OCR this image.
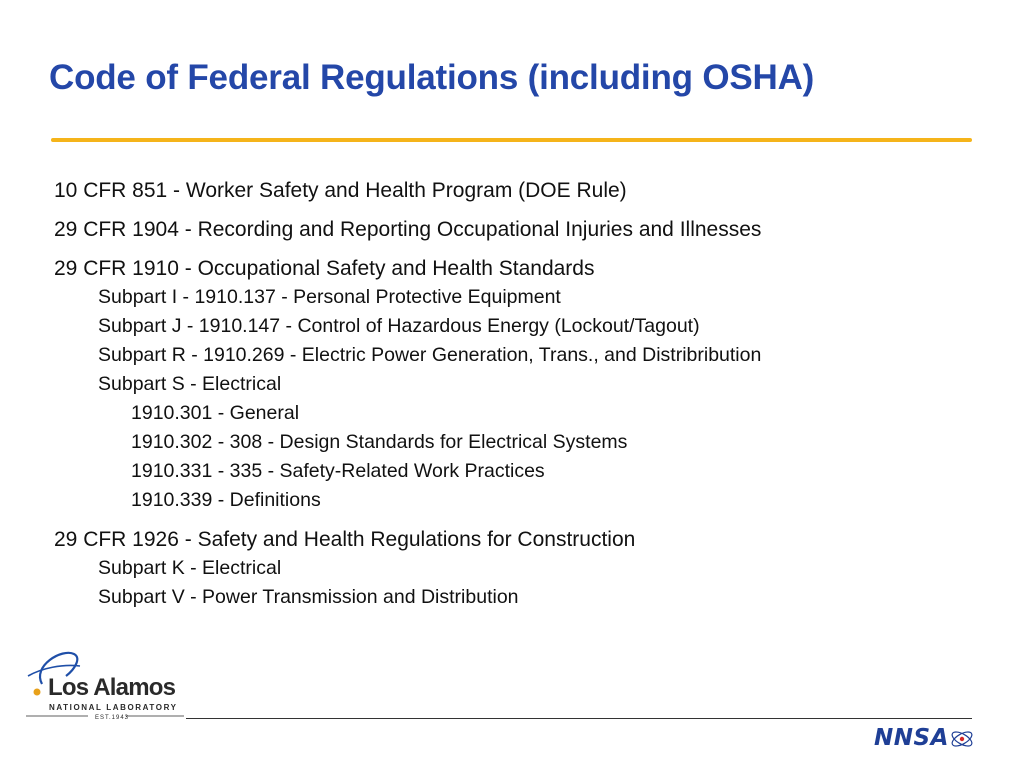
Code of Federal Regulations (including OSHA)
10 CFR 851 - Worker Safety and Health Program (DOE Rule)
29 CFR 1904 - Recording and Reporting Occupational Injuries and Illnesses
29 CFR 1910 - Occupational Safety and Health Standards
Subpart I - 1910.137 - Personal Protective Equipment
Subpart J - 1910.147 - Control of Hazardous Energy (Lockout/Tagout)
Subpart R - 1910.269 - Electric Power Generation, Trans., and Distribribution
Subpart S - Electrical
1910.301 - General
1910.302 - 308 - Design Standards for Electrical Systems
1910.331 - 335 - Safety-Related Work Practices
1910.339 - Definitions
29 CFR 1926 - Safety and Health Regulations for Construction
Subpart K - Electrical
Subpart V - Power Transmission and Distribution
Los Alamos
NATIONAL LABORATORY
EST.1943
NNSA
